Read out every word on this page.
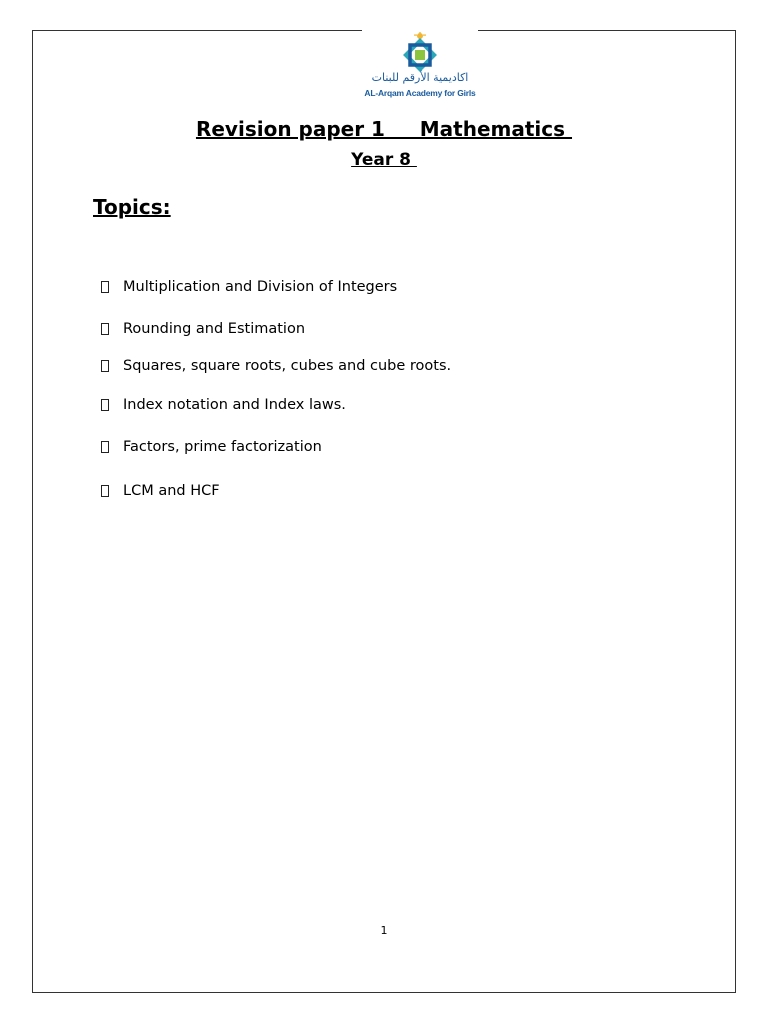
اكاديمية الأرقم للبنات
AL-Arqam Academy for Girls
Revision paper 1     Mathematics
Year 8
Topics:
Multiplication and Division of Integers
Rounding and Estimation
Squares, square roots, cubes and cube roots.
Index notation and Index laws.
Factors, prime factorization
LCM and HCF
1
